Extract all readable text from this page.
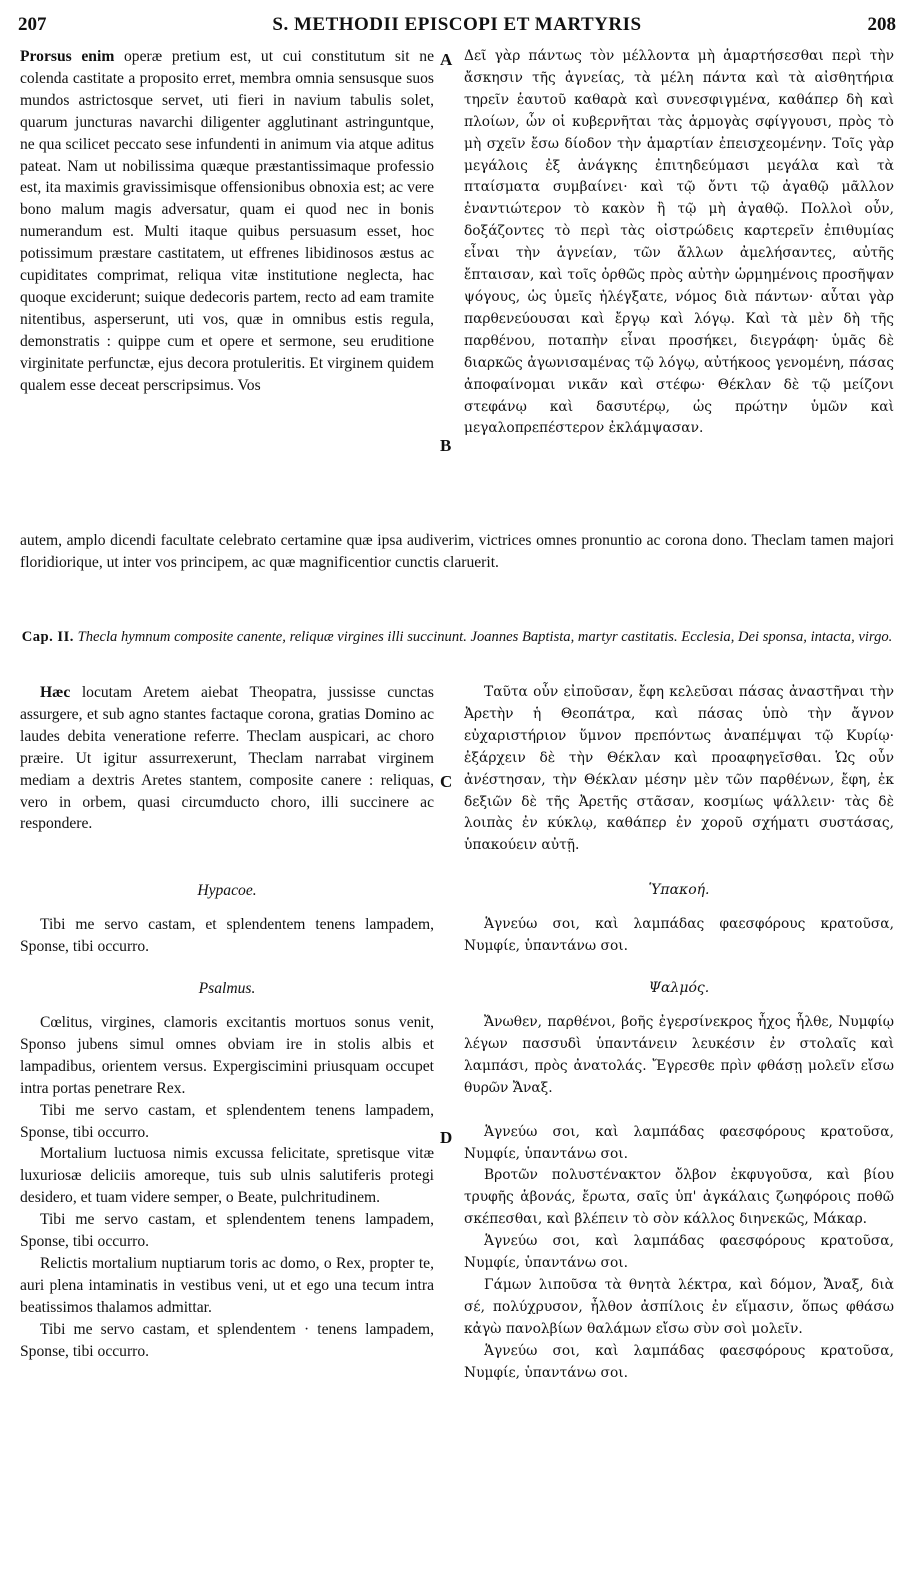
207	S. METHODII EPISCOPI ET MARTYRIS	208

Prorsus enim operæ pretium est, ut cui constitutum sit ne colenda castitate a proposito erret, membra omnia sensusque suos mundos astrictosque servet, uti fieri in navium tabulis solet, quarum juncturas navarchi diligenter agglutinant astringuntque, ne qua scilicet peccato sese infundenti in animum via atque aditus pateat. Nam ut nobilissima quæque præstantissimaque professio est, ita maximis gravissimisque offensionibus obnoxia est; ac vere bono malum magis adversatur, quam ei quod nec in bonis numerandum est. Multi itaque quibus persuasum esset, hoc potissimum præstare castitatem, ut effrenes libidinosos æstus ac cupiditates comprimat, reliqua vitæ institutione neglecta, hac quoque exciderunt; suique dedecoris partem, recto ad eam tramite nitentibus, asperserunt, uti vos, quæ in omnibus estis regula, demonstratis : quippe cum et opere et sermone, seu eruditione virginitate perfunctæ, ejus decora protuleritis. Et virginem quidem qualem esse deceat perscripsimus. Vos

Δεῖ γὰρ πάντως τὸν μέλλοντα μὴ ἁμαρτήσεσθαι περὶ τὴν ἄσκησιν τῆς ἁγνείας, τὰ μέλη πάντα καὶ τὰ αἰσθητήρια τηρεῖν ἑαυτοῦ καθαρὰ καὶ συνεσφιγμένα, καθάπερ δὴ καὶ πλοίων, ὧν οἱ κυβερνῆται τὰς ἁρμογὰς σφίγγουσι, πρὸς τὸ μὴ σχεῖν ἔσω δίοδον τὴν ἁμαρτίαν ἐπεισχεομένην. Τοῖς γὰρ μεγάλοις ἐξ ἀνάγκης ἐπιτηδεύμασι μεγάλα καὶ τὰ πταίσματα συμβαίνει· καὶ τῷ ὄντι τῷ ἀγαθῷ μᾶλλον ἐναντιώτερον τὸ κακὸν ἢ τῷ μὴ ἀγαθῷ. Πολλοὶ οὖν, δοξάζοντες τὸ περὶ τὰς οἰστρώδεις καρτερεῖν ἐπιθυμίας εἶναι τὴν ἁγνείαν, τῶν ἄλλων ἀμελήσαντες, αὐτῆς ἔπταισαν, καὶ τοῖς ὀρθῶς πρὸς αὐτὴν ὡρμημένοις προσῆψαν ψόγους, ὡς ὑμεῖς ἠλέγξατε, νόμος διὰ πάντων· αὗται γὰρ παρθενεύουσαι καὶ ἔργῳ καὶ λόγῳ. Καὶ τὰ μὲν δὴ τῆς παρθένου, ποταπὴν εἶναι προσήκει, διεγράφη· ὑμᾶς δὲ διαρκῶς ἀγωνισαμένας τῷ λόγῳ, αὐτήκοος γενομένη, πάσας ἀποφαίνομαι νικᾶν καὶ στέφω· Θέκλαν δὲ τῷ μείζονι στεφάνῳ καὶ δασυτέρῳ, ὡς πρώτην ὑμῶν καὶ μεγαλοπρεπέστερον ἐκλάμψασαν.

autem, amplo dicendi facultate celebrato certamine quæ ipsa audiverim, victrices omnes pronuntio ac corona dono. Theclam tamen majori floridiorique, ut inter vos principem, ac quæ magnificentior cunctis claruerit.

A
B
C
D
Cap. II. Thecla hymnum composite canente, reliquæ virgines illi succinunt. Joannes Baptista, martyr castitatis. Ecclesia, Dei sponsa, intacta, virgo.

Hæc locutam Aretem aiebat Theopatra, jussisse cunctas assurgere, et sub agno stantes factaque corona, gratias Domino ac laudes debita veneratione referre. Theclam auspicari, ac choro præire. Ut igitur assurrexerunt, Theclam narrabat virginem mediam a dextris Aretes stantem, composite canere : reliquas, vero in orbem, quasi circumducto choro, illi succinere ac respondere.

Hypacoe.

Tibi me servo castam, et splendentem tenens lampadem, Sponse, tibi occurro.

Psalmus.

Cœlitus, virgines, clamoris excitantis mortuos sonus venit, Sponso jubens simul omnes obviam ire in stolis albis et lampadibus, orientem versus. Expergiscimini priusquam occupet intra portas penetrare Rex.

Tibi me servo castam, et splendentem tenens lampadem, Sponse, tibi occurro.

Mortalium luctuosa nimis excussa felicitate, spretisque vitæ luxuriosæ deliciis amoreque, tuis sub ulnis salutiferis protegi desidero, et tuam videre semper, o Beate, pulchritudinem.

Tibi me servo castam, et splendentem tenens lampadem, Sponse, tibi occurro.

Relictis mortalium nuptiarum toris ac domo, o Rex, propter te, auri plena intaminatis in vestibus veni, ut et ego una tecum intra beatissimos thalamos admittar.

Tibi me servo castam, et splendentem · tenens lampadem, Sponse, tibi occurro.

Ταῦτα οὖν εἰποῦσαν, ἔφη κελεῦσαι πάσας ἀναστῆναι τὴν Ἀρετὴν ἡ Θεοπάτρα, καὶ πάσας ὑπὸ τὴν ἄγνον εὐχαριστήριον ὕμνον πρεπόντως ἀναπέμψαι τῷ Κυρίῳ· ἐξάρχειν δὲ τὴν Θέκλαν καὶ προαφηγεῖσθαι. Ὡς οὖν ἀνέστησαν, τὴν Θέκλαν μέσην μὲν τῶν παρθένων, ἔφη, ἐκ δεξιῶν δὲ τῆς Ἀρετῆς στᾶσαν, κοσμίως ψάλλειν· τὰς δὲ λοιπὰς ἐν κύκλῳ, καθάπερ ἐν χοροῦ σχήματι συστάσας, ὑπακούειν αὐτῇ.

Ὑπακοή.

Ἁγνεύω σοι, καὶ λαμπάδας φαεσφόρους κρατοῦσα, Νυμφίε, ὑπαντάνω σοι.

Ψαλμός.

Ἄνωθεν, παρθένοι, βοῆς ἐγερσίνεκρος ἦχος ἦλθε, Νυμφίῳ λέγων πασσυδὶ ὑπαντάνειν λευκέσιν ἐν στολαῖς καὶ λαμπάσι, πρὸς ἀνατολάς. Ἔγρεσθε πρὶν φθάσῃ μολεῖν εἴσω θυρῶν Ἄναξ.

Ἁγνεύω σοι, καὶ λαμπάδας φαεσφόρους κρατοῦσα, Νυμφίε, ὑπαντάνω σοι.

Βροτῶν πολυστένακτον ὄλβον ἐκφυγοῦσα, καὶ βίου τρυφῆς ἁβονάς, ἔρωτα, σαῖς ὑπ' ἀγκάλαις ζωηφόροις ποθῶ σκέπεσθαι, καὶ βλέπειν τὸ σὸν κάλλος διηνεκῶς, Μάκαρ.

Ἁγνεύω σοι, καὶ λαμπάδας φαεσφόρους κρατοῦσα, Νυμφίε, ὑπαντάνω σοι.

Γάμων λιποῦσα τὰ θνητὰ λέκτρα, καὶ δόμον, Ἄναξ, διὰ σέ, πολύχρυσον, ἦλθον ἀσπίλοις ἐν εἵμασιν, ὅπως φθάσω κἀγὼ πανολβίων θαλάμων εἴσω σὺν σοὶ μολεῖν.

Ἁγνεύω σοι, καὶ λαμπάδας φαεσφόρους κρατοῦσα, Νυμφίε, ὑπαντάνω σοι.
